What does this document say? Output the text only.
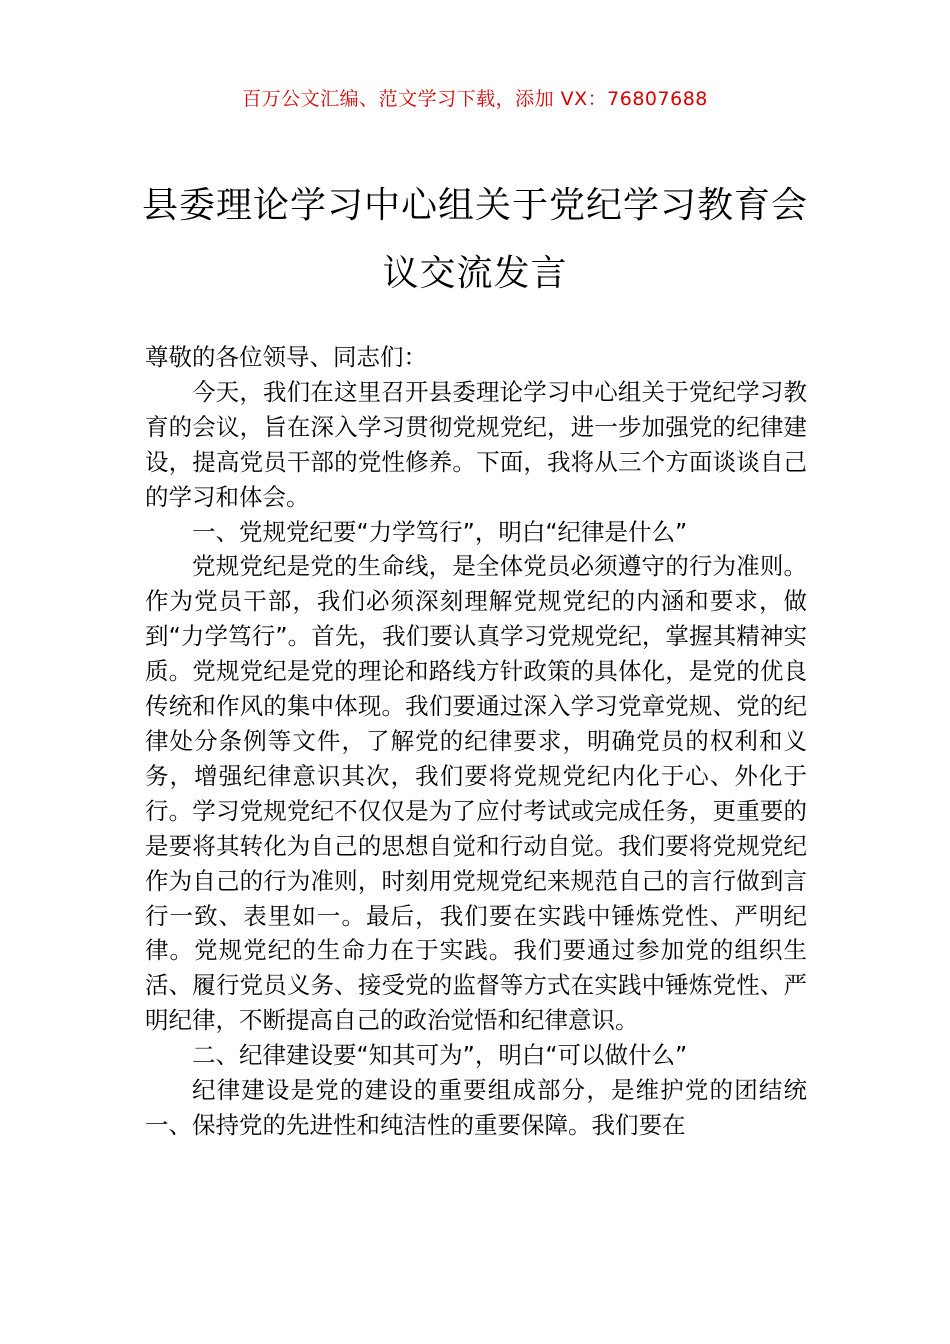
百万公文汇编、范文学习下载，添加 VX：76807688
县委理论学习中心组关于党纪学习教育会议交流发言

尊敬的各位领导、同志们：

今天，我们在这里召开县委理论学习中心组关于党纪学习教育的会议，旨在深入学习贯彻党规党纪，进一步加强党的纪律建设，提高党员干部的党性修养。下面，我将从三个方面谈谈自己的学习和体会。

一、党规党纪要“力学笃行”，明白“纪律是什么”

党规党纪是党的生命线，是全体党员必须遵守的行为准则。作为党员干部，我们必须深刻理解党规党纪的内涵和要求，做到“力学笃行”。首先，我们要认真学习党规党纪，掌握其精神实质。党规党纪是党的理论和路线方针政策的具体化，是党的优良传统和作风的集中体现。我们要通过深入学习党章党规、党的纪律处分条例等文件，了解党的纪律要求，明确党员的权利和义务，增强纪律意识其次，我们要将党规党纪内化于心、外化于行。学习党规党纪不仅仅是为了应付考试或完成任务，更重要的是要将其转化为自己的思想自觉和行动自觉。我们要将党规党纪作为自己的行为准则，时刻用党规党纪来规范自己的言行做到言行一致、表里如一。最后，我们要在实践中锤炼党性、严明纪律。党规党纪的生命力在于实践。我们要通过参加党的组织生活、履行党员义务、接受党的监督等方式在实践中锤炼党性、严明纪律，不断提高自己的政治觉悟和纪律意识。

二、纪律建设要“知其可为”，明白“可以做什么”

纪律建设是党的建设的重要组成部分，是维护党的团结统一、保持党的先进性和纯洁性的重要保障。我们要在
